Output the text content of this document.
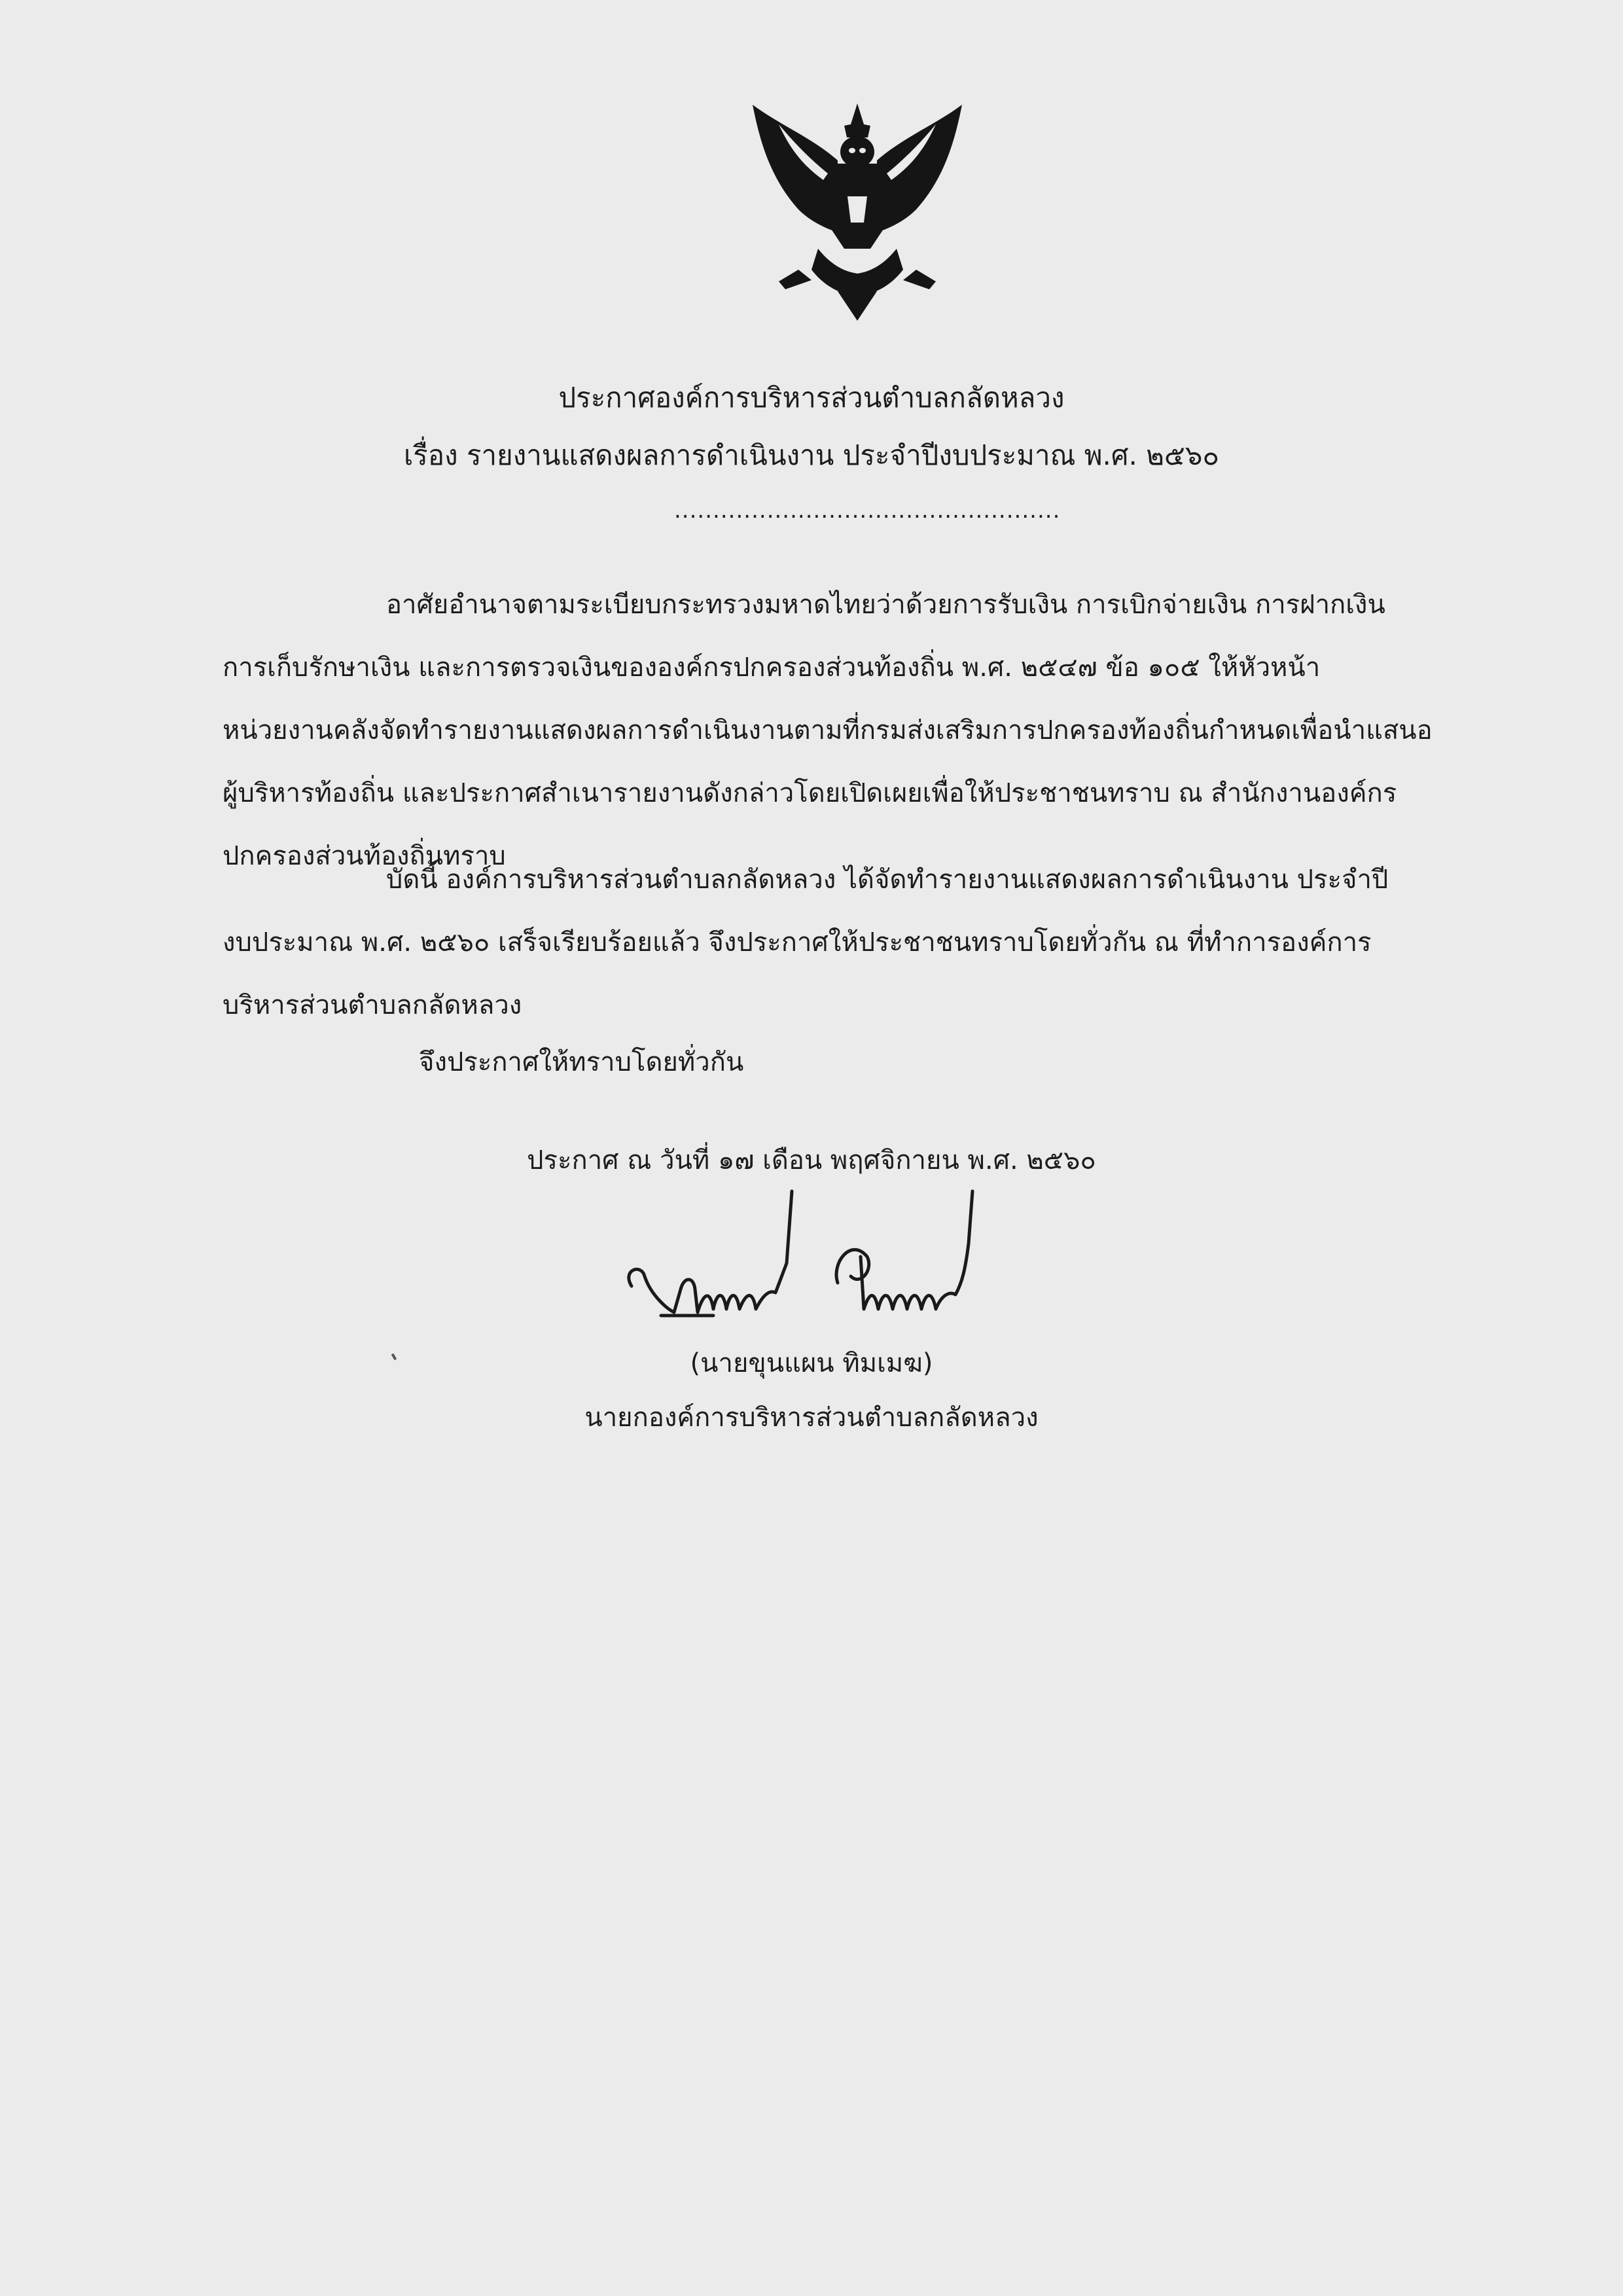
ประกาศองค์การบริหารส่วนตำบลกลัดหลวง
เรื่อง รายงานแสดงผลการดำเนินงาน ประจำปีงบประมาณ พ.ศ. ๒๕๖๐
..................................................
อาศัยอำนาจตามระเบียบกระทรวงมหาดไทยว่าด้วยการรับเงิน การเบิกจ่ายเงิน การฝากเงิน
การเก็บรักษาเงิน และการตรวจเงินขององค์กรปกครองส่วนท้องถิ่น พ.ศ. ๒๕๔๗ ข้อ ๑๐๕ ให้หัวหน้า
หน่วยงานคลังจัดทำรายงานแสดงผลการดำเนินงานตามที่กรมส่งเสริมการปกครองท้องถิ่นกำหนดเพื่อนำแสนอ
ผู้บริหารท้องถิ่น และประกาศสำเนารายงานดังกล่าวโดยเปิดเผยเพื่อให้ประชาชนทราบ ณ สำนักงานองค์กร
ปกครองส่วนท้องถิ่นทราบ
บัดนี้ องค์การบริหารส่วนตำบลกลัดหลวง ได้จัดทำรายงานแสดงผลการดำเนินงาน ประจำปี
งบประมาณ พ.ศ. ๒๕๖๐ เสร็จเรียบร้อยแล้ว จึงประกาศให้ประชาชนทราบโดยทั่วกัน ณ ที่ทำการองค์การ
บริหารส่วนตำบลกลัดหลวง
จึงประกาศให้ทราบโดยทั่วกัน
ประกาศ ณ วันที่ ๑๗ เดือน พฤศจิกายน พ.ศ. ๒๕๖๐
(นายขุนแผน ทิมเมฆ)
นายกองค์การบริหารส่วนตำบลกลัดหลวง
